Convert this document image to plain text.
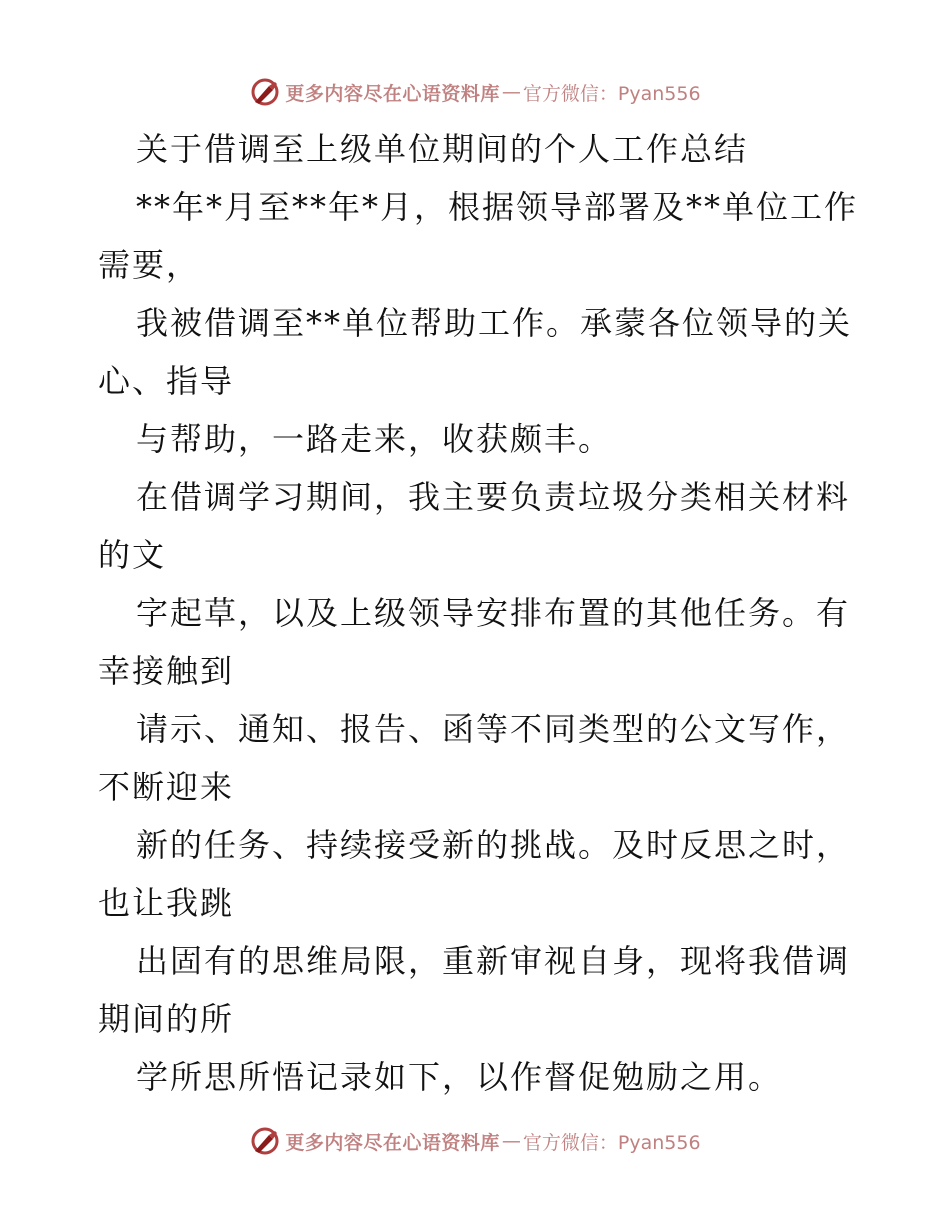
更多内容尽在心语资料库 — 官方微信：Pyan556
关于借调至上级单位期间的个人工作总结
**年*月至**年*月，根据领导部署及**单位工作
需要，
我被借调至**单位帮助工作。承蒙各位领导的关
心、指导
与帮助，一路走来，收获颇丰。
在借调学习期间，我主要负责垃圾分类相关材料
的文
字起草，以及上级领导安排布置的其他任务。有
幸接触到
请示、通知、报告、函等不同类型的公文写作，
不断迎来
新的任务、持续接受新的挑战。及时反思之时，
也让我跳
出固有的思维局限，重新审视自身，现将我借调
期间的所
学所思所悟记录如下，以作督促勉励之用。
更多内容尽在心语资料库 — 官方微信：Pyan556
